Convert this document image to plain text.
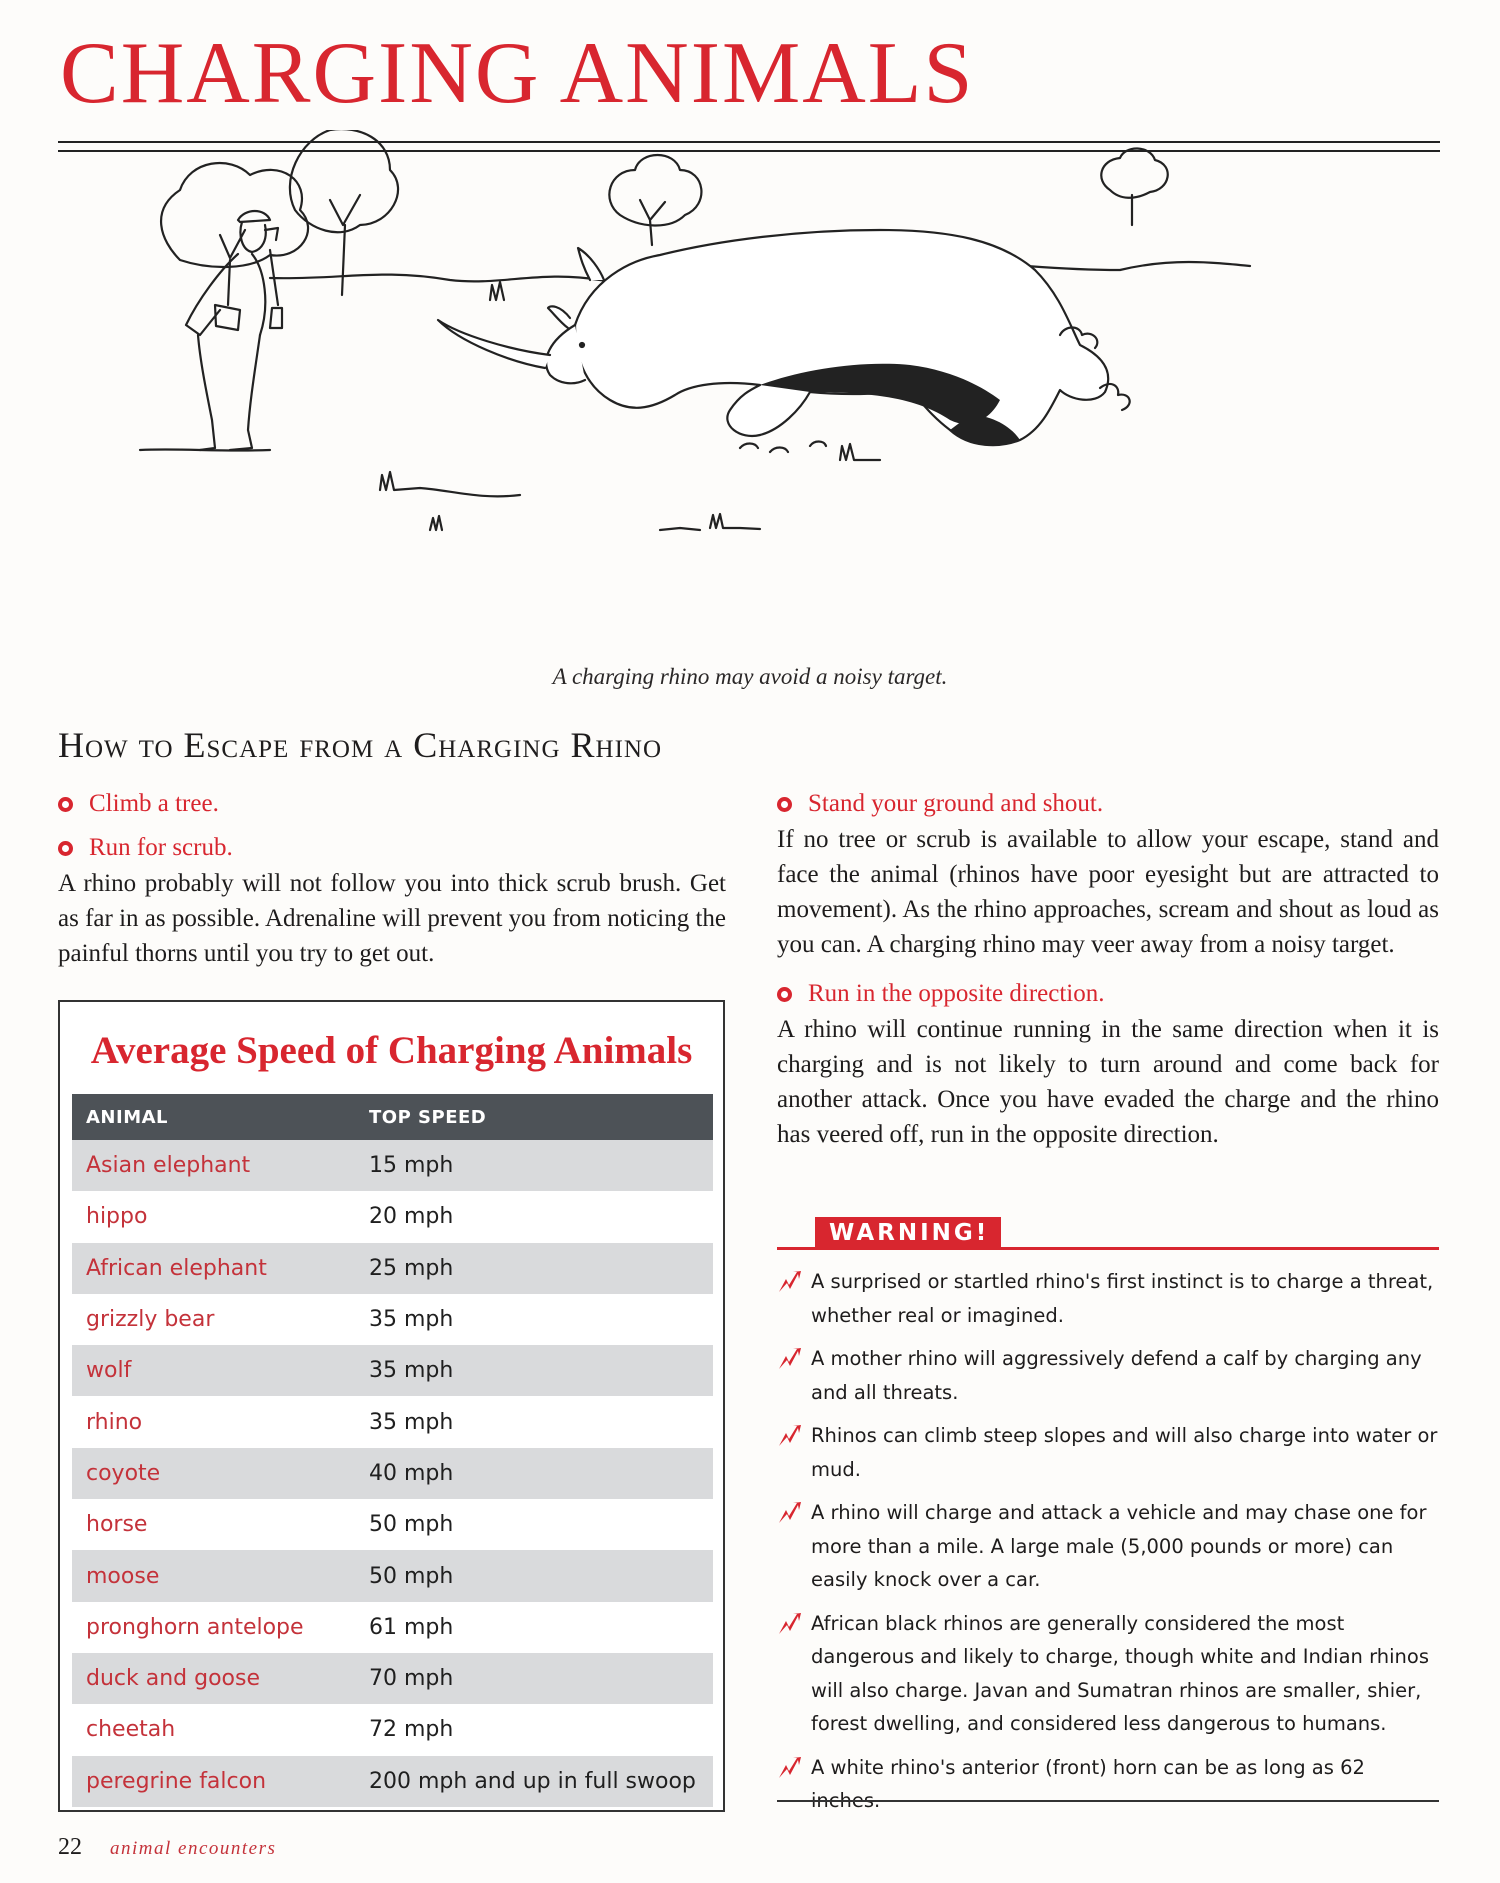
CHARGING ANIMALS
A charging rhino may avoid a noisy target.
How to Escape from a Charging Rhino
Climb a tree.
Run for scrub.

A rhino probably will not follow you into thick scrub brush. Get as far in as possible. Adrenaline will prevent you from noticing the painful thorns until you try to get out.

Average Speed of Charging Animals
ANIMAL	TOP SPEED
Asian elephant	15 mph
hippo	20 mph
African elephant	25 mph
grizzly bear	35 mph
wolf	35 mph
rhino	35 mph
coyote	40 mph
horse	50 mph
moose	50 mph
pronghorn antelope	61 mph
duck and goose	70 mph
cheetah	72 mph
peregrine falcon	200 mph and up in full swoop
Stand your ground and shout.

If no tree or scrub is available to allow your escape, stand and face the animal (rhinos have poor eyesight but are attracted to movement). As the rhino approaches, scream and shout as loud as you can. A charging rhino may veer away from a noisy target.

Run in the opposite direction.

A rhino will continue running in the same direction when it is charging and is not likely to turn around and come back for another attack. Once you have evaded the charge and the rhino has veered off, run in the opposite direction.

WARNING!
A surprised or startled rhino's first instinct is to charge a threat, whether real or imagined.
A mother rhino will aggressively defend a calf by charging any and all threats.
Rhinos can climb steep slopes and will also charge into water or mud.
A rhino will charge and attack a vehicle and may chase one for more than a mile. A large male (5,000 pounds or more) can easily knock over a car.
African black rhinos are generally considered the most dangerous and likely to charge, though white and Indian rhinos will also charge. Javan and Sumatran rhinos are smaller, shier, forest dwelling, and considered less dangerous to humans.
A white rhino's anterior (front) horn can be as long as 62 inches.
22 animal encounters
